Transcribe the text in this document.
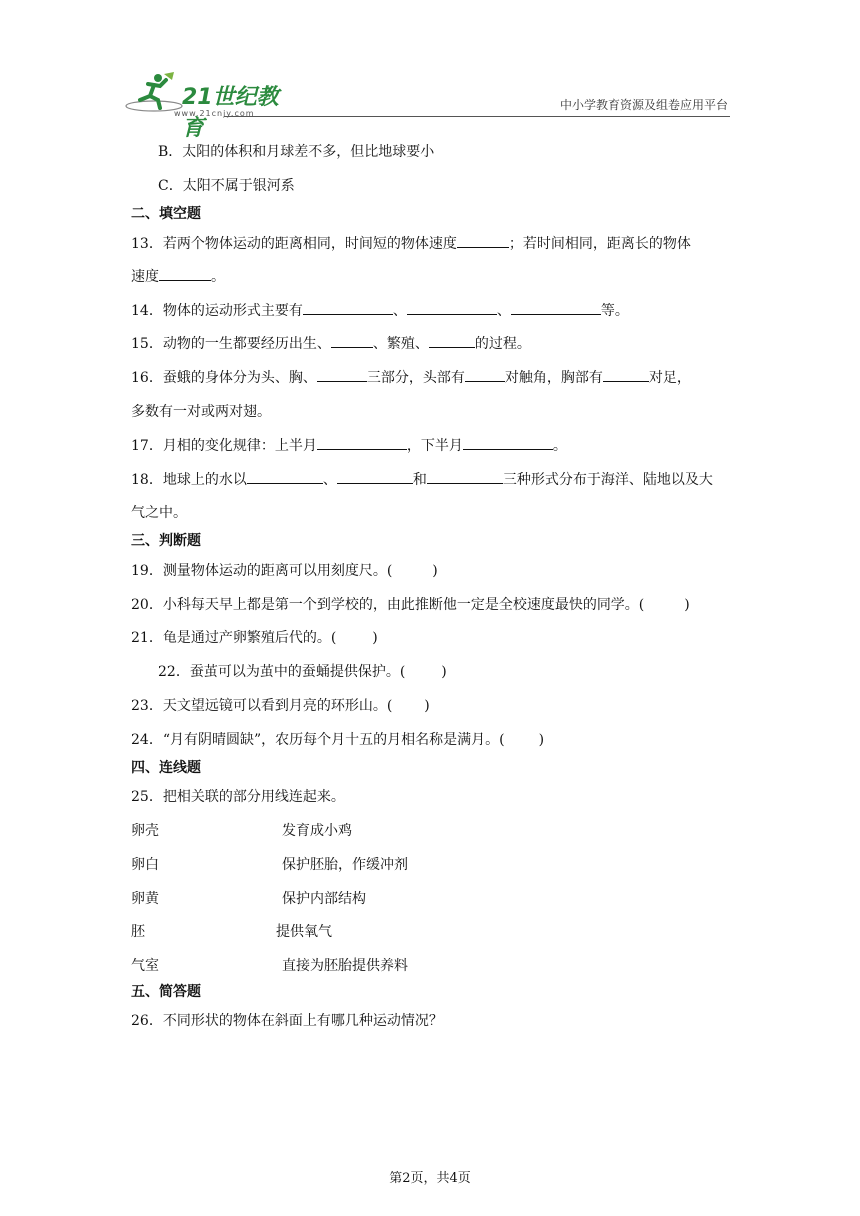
21世纪教育
www.21cnjy.com
中小学教育资源及组卷应用平台
B．太阳的体积和月球差不多，但比地球要小
C．太阳不属于银河系
二、填空题
13．若两个物体运动的距离相同，时间短的物体速度	；若时间相同，距离长的物体
速度	。
14．物体的运动形式主要有	、	、	等。
15．动物的一生都要经历出生、	、繁殖、	的过程。
16．蚕蛾的身体分为头、胸、	三部分，头部有	对触角，胸部有	对足，
多数有一对或两对翅。
17．月相的变化规律：上半月	，下半月	。
18．地球上的水以	、	和	三种形式分布于海洋、陆地以及大
气之中。
三、判断题
19．测量物体运动的距离可以用刻度尺。(	)
20．小科每天早上都是第一个到学校的，由此推断他一定是全校速度最快的同学。(	)
21．龟是通过产卵繁殖后代的。(	)
22．蚕茧可以为茧中的蚕蛹提供保护。(	)
23．天文望远镜可以看到月亮的环形山。( )
24．“月有阴晴圆缺”，农历每个月十五的月相名称是满月。( )
四、连线题
25．把相关联的部分用线连起来。
卵壳	发育成小鸡
卵白	保护胚胎，作缓冲剂
卵黄	保护内部结构
胚	提供氧气
气室	直接为胚胎提供养料
五、简答题
26．不同形状的物体在斜面上有哪几种运动情况？
第2页，共4页
